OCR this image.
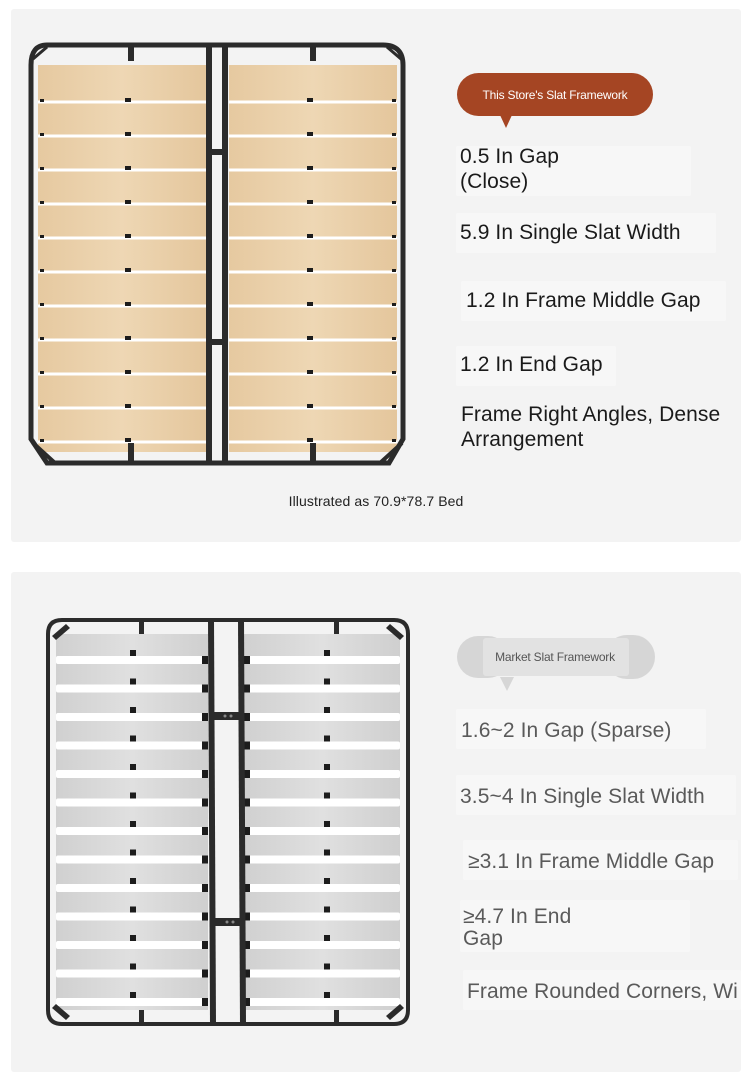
This Store's Slat Framework
0.5 In Gap
(Close)
5.9 In Single Slat Width
1.2 In Frame Middle Gap
1.2 In End Gap
Frame Right Angles, Dense Arrangement
Illustrated as 70.9*78.7 Bed
Market Slat Framework
1.6~2 In Gap (Sparse)
3.5~4 In Single Slat Width
≥3.1 In Frame Middle Gap
≥4.7 In End
Gap
Frame Rounded Corners, Wi
